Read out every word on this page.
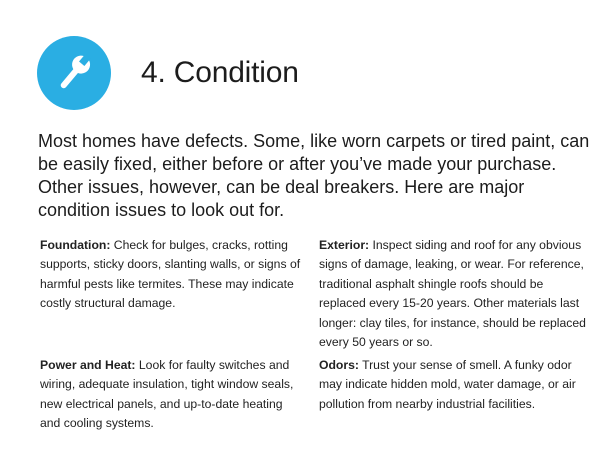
4. Condition
Most homes have defects. Some, like worn carpets or tired paint, can be easily fixed, either before or after you’ve made your purchase. Other issues, however, can be deal breakers. Here are major condition issues to look out for.
Foundation: Check for bulges, cracks, rotting supports, sticky doors, slanting walls, or signs of harmful pests like termites. These may indicate costly structural damage.
Exterior: Inspect siding and roof for any obvious signs of damage, leaking, or wear. For reference, traditional asphalt shingle roofs should be replaced every 15-20 years. Other materials last longer: clay tiles, for instance, should be replaced every 50 years or so.
Power and Heat: Look for faulty switches and wiring, adequate insulation, tight window seals, new electrical panels, and up-to-date heating and cooling systems.
Odors: Trust your sense of smell. A funky odor may indicate hidden mold, water damage, or air pollution from nearby industrial facilities.
